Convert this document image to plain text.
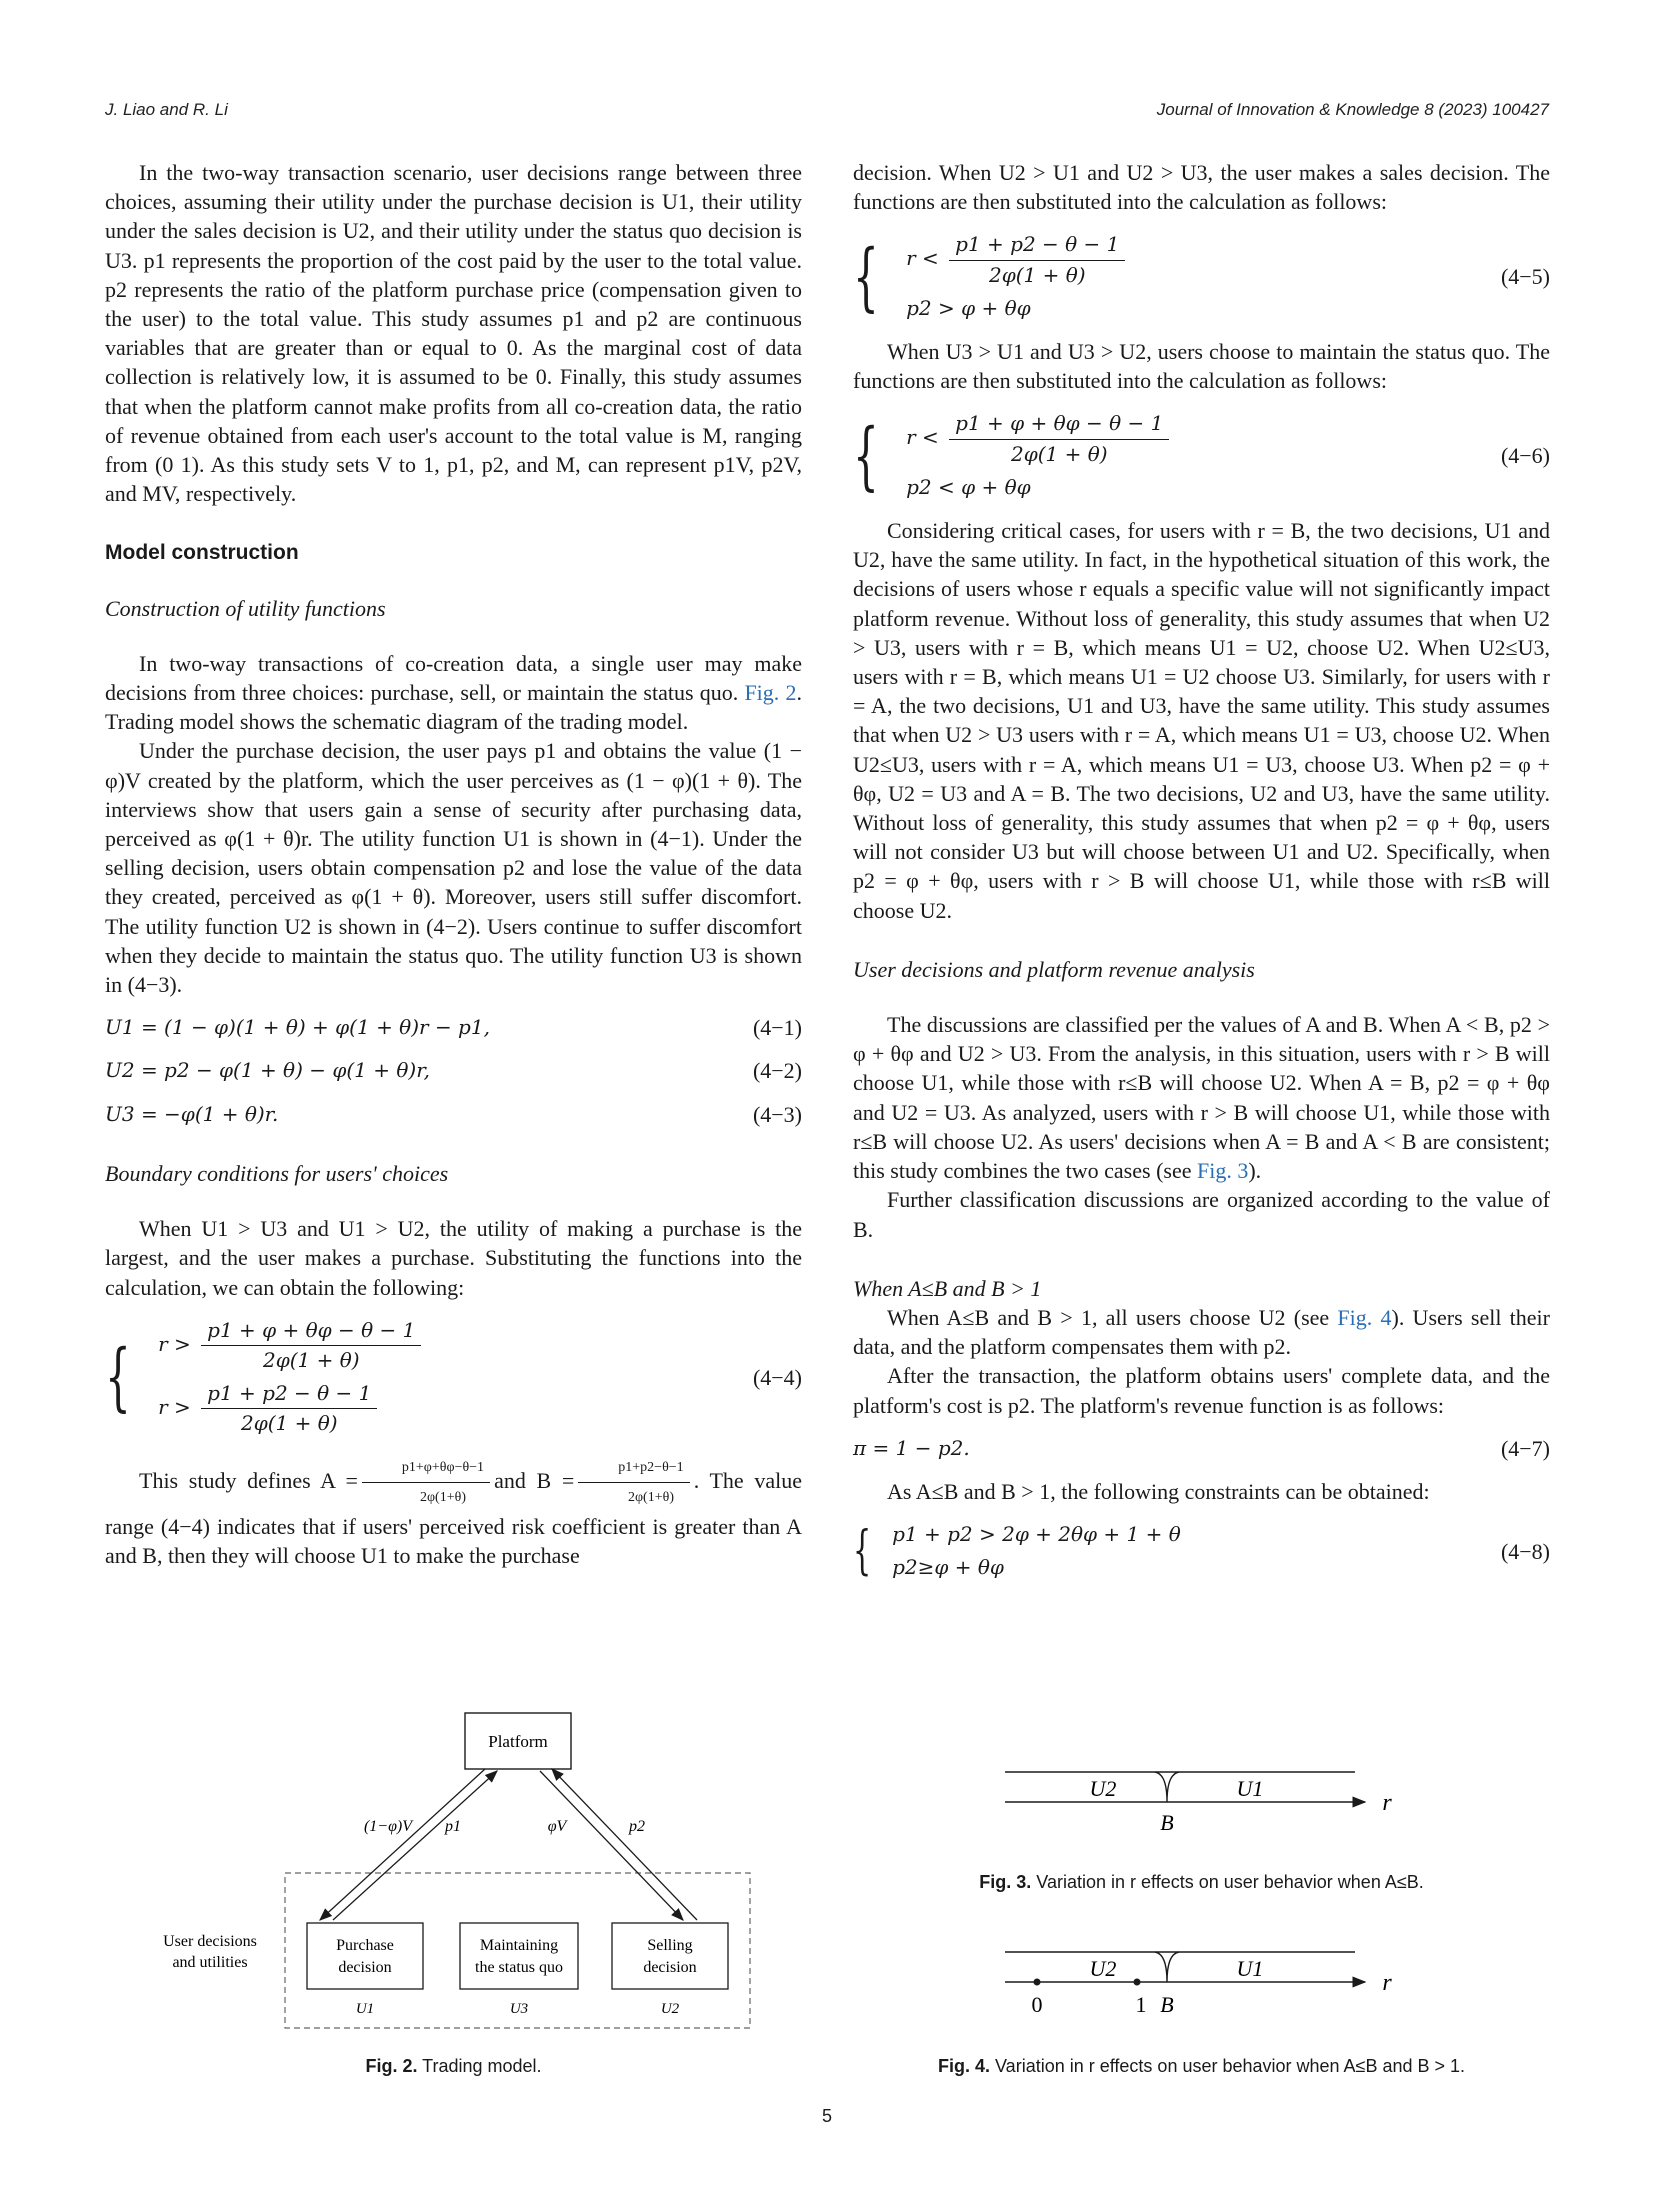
J. Liao and R. Li	Journal of Innovation & Knowledge 8 (2023) 100427

In the two-way transaction scenario, user decisions range between three choices, assuming their utility under the purchase decision is U1, their utility under the sales decision is U2, and their utility under the status quo decision is U3. p1 represents the proportion of the cost paid by the user to the total value. p2 represents the ratio of the platform purchase price (compensation given to the user) to the total value. This study assumes p1 and p2 are continuous variables that are greater than or equal to 0. As the marginal cost of data collection is relatively low, it is assumed to be 0. Finally, this study assumes that when the platform cannot make profits from all co-creation data, the ratio of revenue obtained from each user's account to the total value is M, ranging from (0 1). As this study sets V to 1, p1, p2, and M, can represent p1V, p2V, and MV, respectively.

Model construction
Construction of utility functions

In two-way transactions of co-creation data, a single user may make decisions from three choices: purchase, sell, or maintain the status quo. Fig. 2. Trading model shows the schematic diagram of the trading model.

Under the purchase decision, the user pays p1 and obtains the value (1 − φ)V created by the platform, which the user perceives as (1 − φ)(1 + θ). The interviews show that users gain a sense of security after purchasing data, perceived as φ(1 + θ)r. The utility function U1 is shown in (4−1). Under the selling decision, users obtain compensation p2 and lose the value of the data they created, perceived as φ(1 + θ). Moreover, users still suffer discomfort. The utility function U2 is shown in (4−2). Users continue to suffer discomfort when they decide to maintain the status quo. The utility function U3 is shown in (4−3).

U1 = (1 − φ)(1 + θ) + φ(1 + θ)r − p1,	(4−1)
U2 = p2 − φ(1 + θ) − φ(1 + θ)r,	(4−2)
U3 = −φ(1 + θ)r.	(4−3)
Boundary conditions for users' choices

When U1 > U3 and U1 > U2, the utility of making a purchase is the largest, and the user makes a purchase. Substituting the functions into the calculation, we can obtain the following:

{ $r > \frac{p1 + \varphi + \theta\varphi - \theta - 1}{2\varphi(1 + \theta)}$
$r > \frac{p1 + p2 - \theta - 1}{2\varphi(1 + \theta)}$
(4−4)

This study defines $A = \frac{p1+\varphi+\theta\varphi-\theta-1}{2\varphi(1+\theta)}$ and $B = \frac{p1+p2-\theta-1}{2\varphi(1+\theta)}$ . The value range (4−4) indicates that if users' perceived risk coefficient is greater than A and B, then they will choose U1 to make the purchase

decision. When U2 > U1 and U2 > U3, the user makes a sales decision. The functions are then substituted into the calculation as follows:

{ $r < \frac{p1 + p2 - \theta - 1}{2\varphi(1 + \theta)}$
p2 > φ + θφ
(4−5)

When U3 > U1 and U3 > U2, users choose to maintain the status quo. The functions are then substituted into the calculation as follows:

{ $r < \frac{p1 + \varphi + \theta\varphi - \theta - 1}{2\varphi(1 + \theta)}$
p2 < φ + θφ
(4−6)

Considering critical cases, for users with r = B, the two decisions, U1 and U2, have the same utility. In fact, in the hypothetical situation of this work, the decisions of users whose r equals a specific value will not significantly impact platform revenue. Without loss of generality, this study assumes that when U2 > U3, users with r = B, which means U1 = U2, choose U2. When U2≤U3, users with r = B, which means U1 = U2 choose U3. Similarly, for users with r = A, the two decisions, U1 and U3, have the same utility. This study assumes that when U2 > U3 users with r = A, which means U1 = U3, choose U2. When U2≤U3, users with r = A, which means U1 = U3, choose U3. When p2 = φ + θφ, U2 = U3 and A = B. The two decisions, U2 and U3, have the same utility. Without loss of generality, this study assumes that when p2 = φ + θφ, users will not consider U3 but will choose between U1 and U2. Specifically, when p2 = φ + θφ, users with r > B will choose U1, while those with r≤B will choose U2.

User decisions and platform revenue analysis

The discussions are classified per the values of A and B. When A < B, p2 > φ + θφ and U2 > U3. From the analysis, in this situation, users with r > B will choose U1, while those with r≤B will choose U2. When A = B, p2 = φ + θφ and U2 = U3. As analyzed, users with r > B will choose U1, while those with r≤B will choose U2. As users' decisions when A = B and A < B are consistent; this study combines the two cases (see Fig. 3).

Further classification discussions are organized according to the value of B.

When A≤B and B > 1

When A≤B and B > 1, all users choose U2 (see Fig. 4). Users sell their data, and the platform compensates them with p2.

After the transaction, the platform obtains users' complete data, and the platform's cost is p2. The platform's revenue function is as follows:

π = 1 − p2.	(4−7)

As A≤B and B > 1, the following constraints can be obtained:

{ p1 + p2 > 2φ + 2θφ + 1 + θ
p2≥φ + θφ
(4−8)
Platform
(1−φ)V p1	φV	p2
User decisions
and utilities
Purchase
decision
Maintaining
the status quo
Selling
decision
U1	U3	U2
Fig. 2. Trading model.
U2	U1
r
B
Fig. 3. Variation in r effects on user behavior when A≤B.
U2	U1
r
0	1 B
Fig. 4. Variation in r effects on user behavior when A≤B and B > 1.
5
